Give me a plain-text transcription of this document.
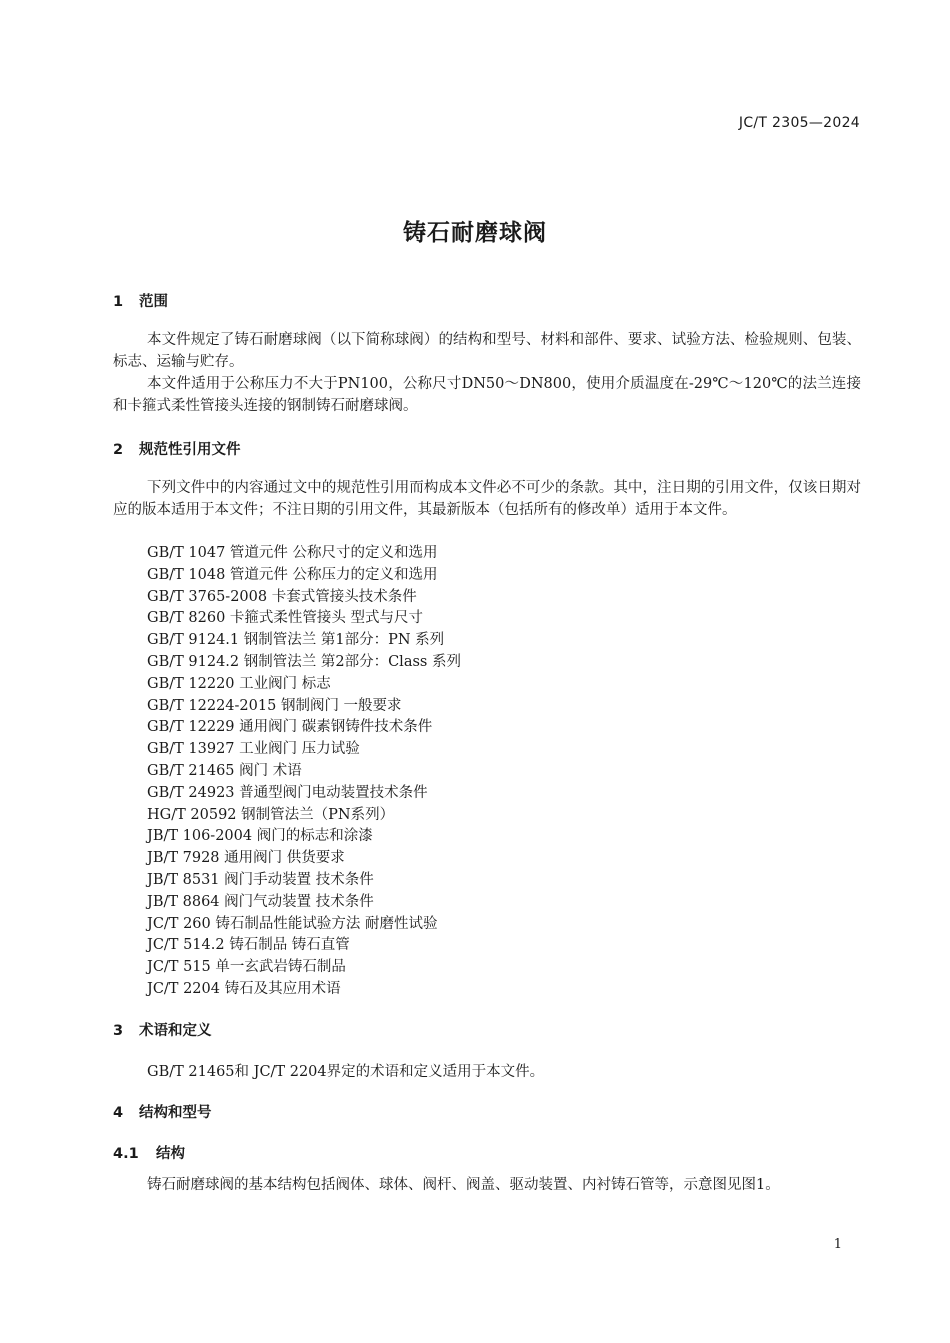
JC/T 2305—2024
铸石耐磨球阀
1 范围

本文件规定了铸石耐磨球阀（以下简称球阀）的结构和型号、材料和部件、要求、试验方法、检验规则、包装、标志、运输与贮存。

本文件适用于公称压力不大于PN100，公称尺寸DN50～DN800，使用介质温度在-29℃～120℃的法兰连接和卡箍式柔性管接头连接的钢制铸石耐磨球阀。

2 规范性引用文件

下列文件中的内容通过文中的规范性引用而构成本文件必不可少的条款。其中，注日期的引用文件，仅该日期对应的版本适用于本文件；不注日期的引用文件，其最新版本（包括所有的修改单）适用于本文件。

GB/T 1047 管道元件 公称尺寸的定义和选用
GB/T 1048 管道元件 公称压力的定义和选用
GB/T 3765-2008 卡套式管接头技术条件
GB/T 8260 卡箍式柔性管接头 型式与尺寸
GB/T 9124.1 钢制管法兰 第1部分：PN 系列
GB/T 9124.2 钢制管法兰 第2部分：Class 系列
GB/T 12220 工业阀门 标志
GB/T 12224-2015 钢制阀门 一般要求
GB/T 12229 通用阀门 碳素钢铸件技术条件
GB/T 13927 工业阀门 压力试验
GB/T 21465 阀门 术语
GB/T 24923 普通型阀门电动装置技术条件
HG/T 20592 钢制管法兰（PN系列）
JB/T 106-2004 阀门的标志和涂漆
JB/T 7928 通用阀门 供货要求
JB/T 8531 阀门手动装置 技术条件
JB/T 8864 阀门气动装置 技术条件
JC/T 260 铸石制品性能试验方法 耐磨性试验
JC/T 514.2 铸石制品 铸石直管
JC/T 515 单一玄武岩铸石制品
JC/T 2204 铸石及其应用术语
3 术语和定义
GB/T 21465和 JC/T 2204界定的术语和定义适用于本文件。
4 结构和型号
4.1 结构
铸石耐磨球阀的基本结构包括阀体、球体、阀杆、阀盖、驱动装置、内衬铸石管等，示意图见图1。
1
